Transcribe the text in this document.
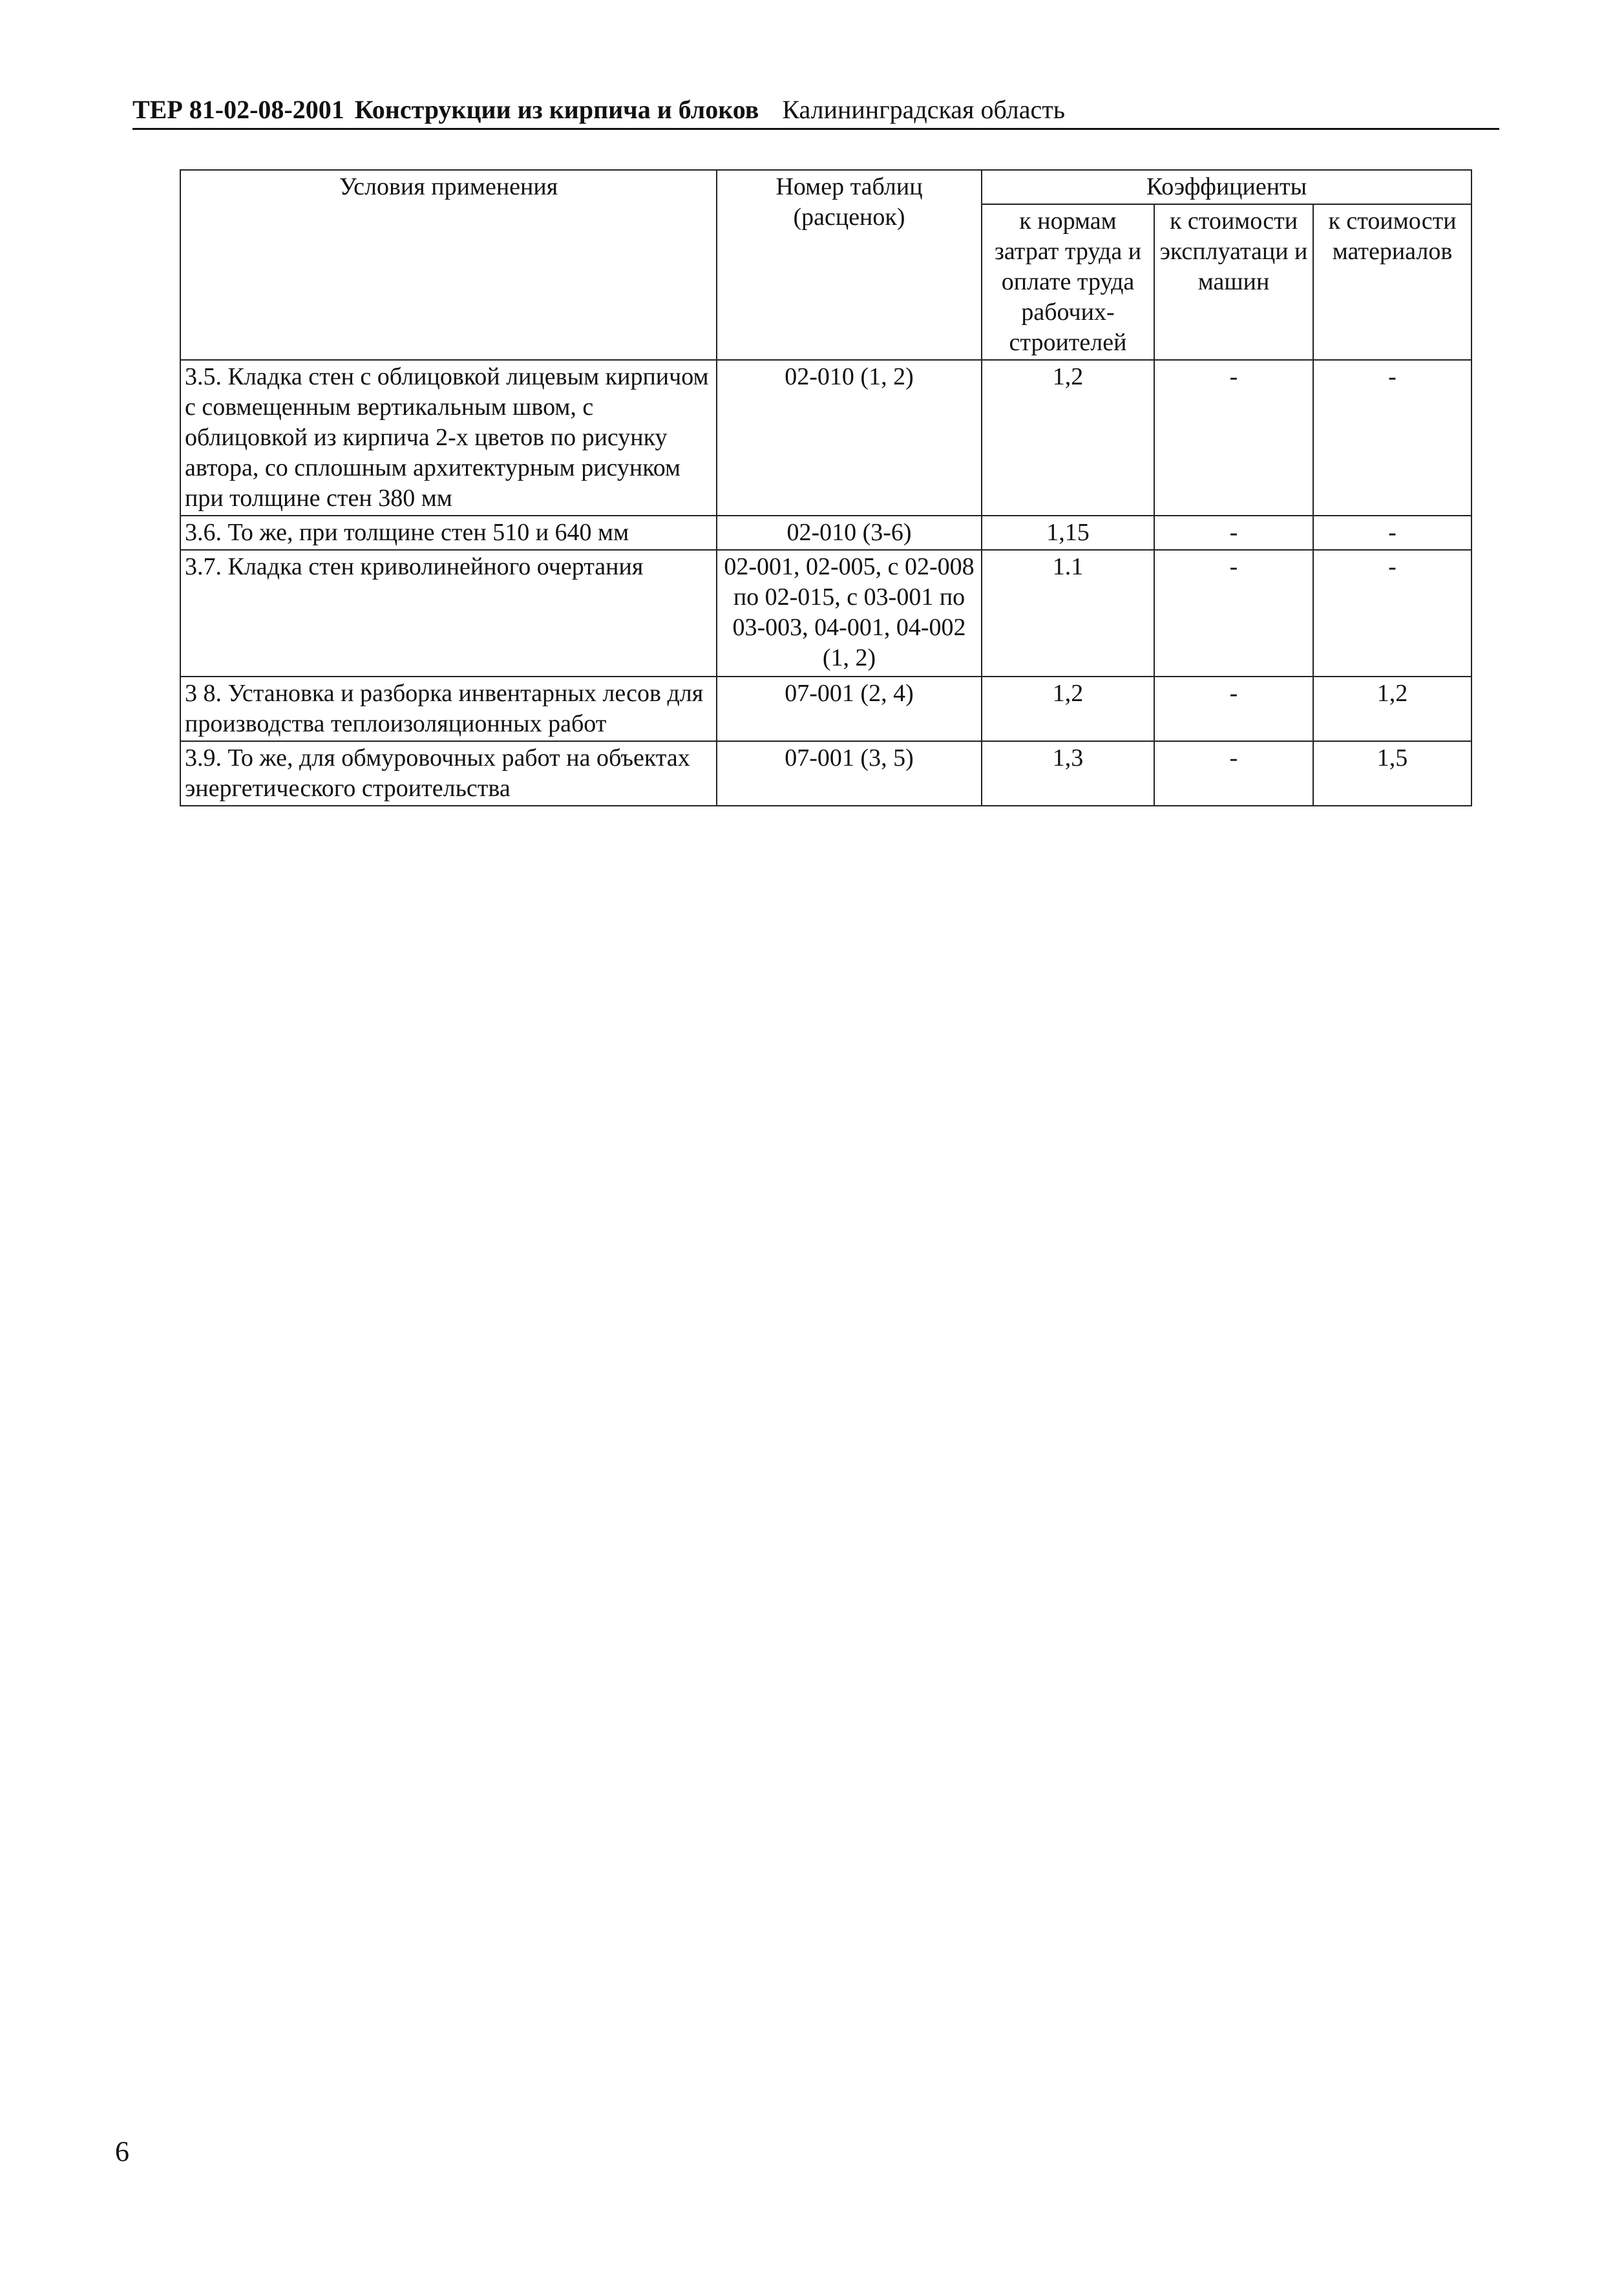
ТЕР 81-02-08-2001 Конструкции из кирпича и блоков Калининградская область
Условия применения	Номер таблиц (расценок)	Коэффициенты		
		к нормам затрат труда и оплате труда рабочих-строителей	к стоимости эксплуатаци и машин	к стоимости материалов
3.5. Кладка стен с облицовкой лицевым кирпичом с совмещенным вертикальным швом, с облицовкой из кирпича 2-х цветов по рисунку автора, со сплошным архитектурным рисунком при толщине стен 380 мм	02-010 (1, 2)	1,2	-	-
3.6. То же, при толщине стен 510 и 640 мм	02-010 (3-6)	1,15	-	-
3.7. Кладка стен криволинейного очертания	02-001, 02-005, с 02-008 по 02-015, с 03-001 по 03-003, 04-001, 04-002 (1, 2)	1.1	-	-
3 8. Установка и разборка инвентарных лесов для производства теплоизоляционных работ	07-001 (2, 4)	1,2	-	1,2
3.9. То же, для обмуровочных работ на объектах энергетического строительства	07-001 (3, 5)	1,3	-	1,5
6
